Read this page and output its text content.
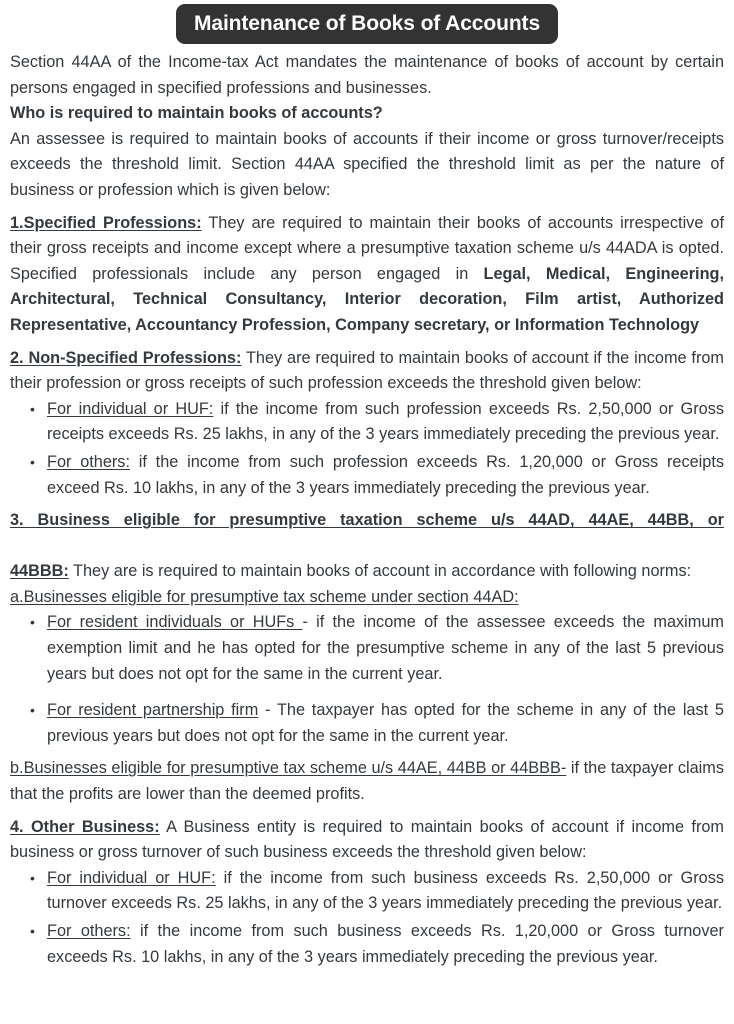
Maintenance of Books of Accounts

Section 44AA of the Income-tax Act mandates the maintenance of books of account by certain persons engaged in specified professions and businesses.

Who is required to maintain books of accounts?

An assessee is required to maintain books of accounts if their income or gross turnover/receipts exceeds the threshold limit. Section 44AA specified the threshold limit as per the nature of business or profession which is given below:

1.Specified Professions: They are required to maintain their books of accounts irrespective of their gross receipts and income except where a presumptive taxation scheme u/s 44ADA is opted. Specified professionals include any person engaged in Legal, Medical, Engineering, Architectural, Technical Consultancy, Interior decoration, Film artist, Authorized Representative, Accountancy Profession, Company secretary, or Information Technology

2. Non-Specified Professions: They are required to maintain books of account if the income from their profession or gross receipts of such profession exceeds the threshold given below:

• For individual or HUF: if the income from such profession exceeds Rs. 2,50,000 or Gross receipts exceeds Rs. 25 lakhs, in any of the 3 years immediately preceding the previous year.
• For others: if the income from such profession exceeds Rs. 1,20,000 or Gross receipts exceed Rs. 10 lakhs, in any of the 3 years immediately preceding the previous year.

3. Business eligible for presumptive taxation scheme u/s 44AD, 44AE, 44BB, or
44BBB: They are is required to maintain books of account in accordance with following norms:

a.Businesses eligible for presumptive tax scheme under section 44AD:

• For resident individuals or HUFs - if the income of the assessee exceeds the maximum exemption limit and he has opted for the presumptive scheme in any of the last 5 previous years but does not opt for the same in the current year.
• For resident partnership firm - The taxpayer has opted for the scheme in any of the last 5 previous years but does not opt for the same in the current year.

b.Businesses eligible for presumptive tax scheme u/s 44AE, 44BB or 44BBB- if the taxpayer claims that the profits are lower than the deemed profits.

4. Other Business: A Business entity is required to maintain books of account if income from business or gross turnover of such business exceeds the threshold given below:

• For individual or HUF: if the income from such business exceeds Rs. 2,50,000 or Gross turnover exceeds Rs. 25 lakhs, in any of the 3 years immediately preceding the previous year.
• For others: if the income from such business exceeds Rs. 1,20,000 or Gross turnover exceeds Rs. 10 lakhs, in any of the 3 years immediately preceding the previous year.
